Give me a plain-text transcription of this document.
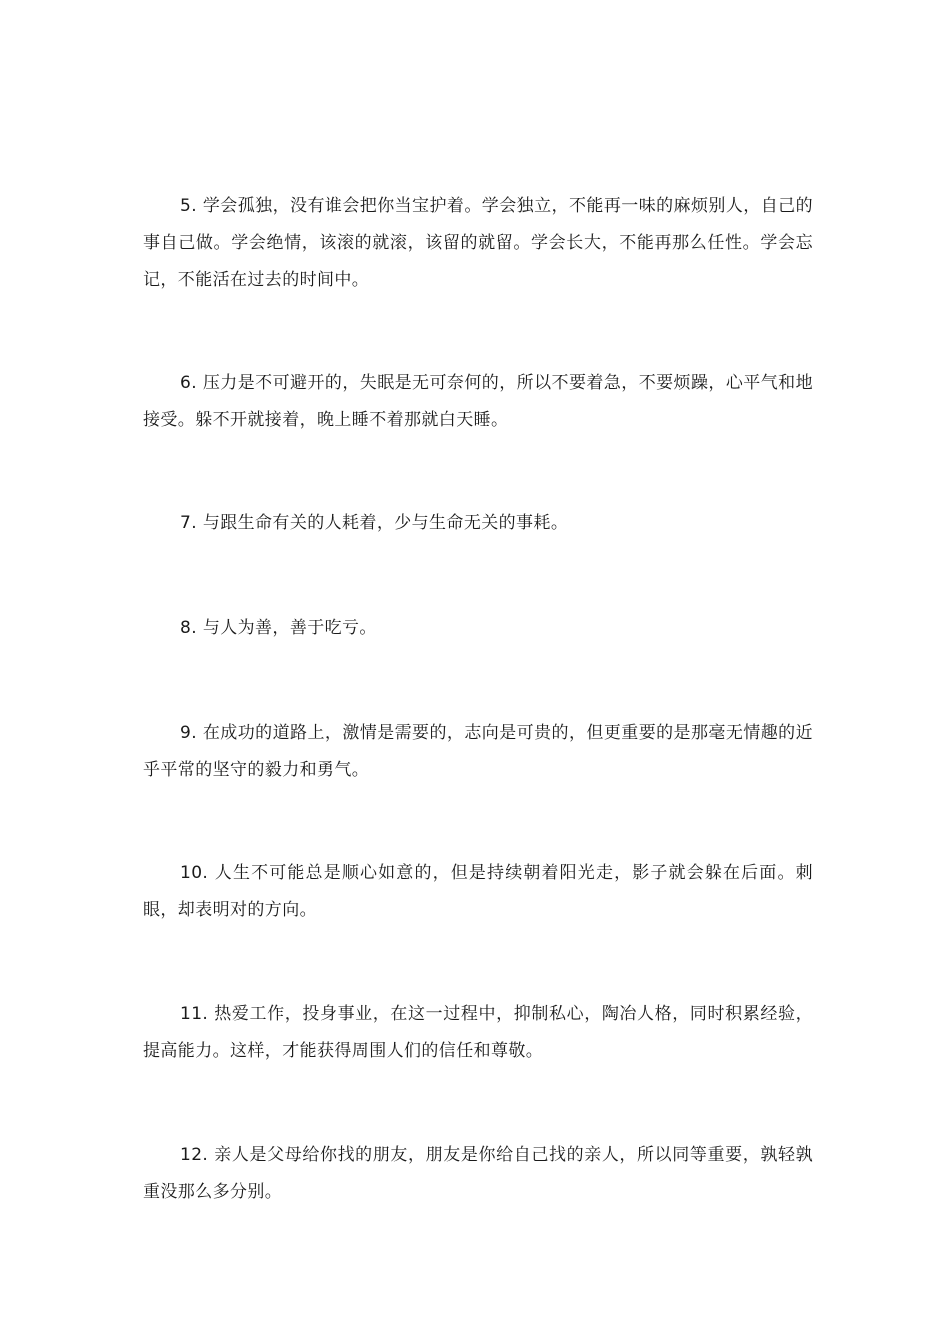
5. 学会孤独，没有谁会把你当宝护着。学会独立，不能再一味的麻烦别人，自己的事自己做。学会绝情，该滚的就滚，该留的就留。学会长大，不能再那么任性。学会忘记，不能活在过去的时间中。

6. 压力是不可避开的，失眠是无可奈何的，所以不要着急，不要烦躁，心平气和地接受。躲不开就接着，晚上睡不着那就白天睡。

7. 与跟生命有关的人耗着，少与生命无关的事耗。

8. 与人为善，善于吃亏。

9. 在成功的道路上，激情是需要的，志向是可贵的，但更重要的是那毫无情趣的近乎平常的坚守的毅力和勇气。

10. 人生不可能总是顺心如意的，但是持续朝着阳光走，影子就会躲在后面。刺眼，却表明对的方向。

11. 热爱工作，投身事业，在这一过程中，抑制私心，陶冶人格，同时积累经验，提高能力。这样，才能获得周围人们的信任和尊敬。

12. 亲人是父母给你找的朋友，朋友是你给自己找的亲人，所以同等重要，孰轻孰重没那么多分别。
